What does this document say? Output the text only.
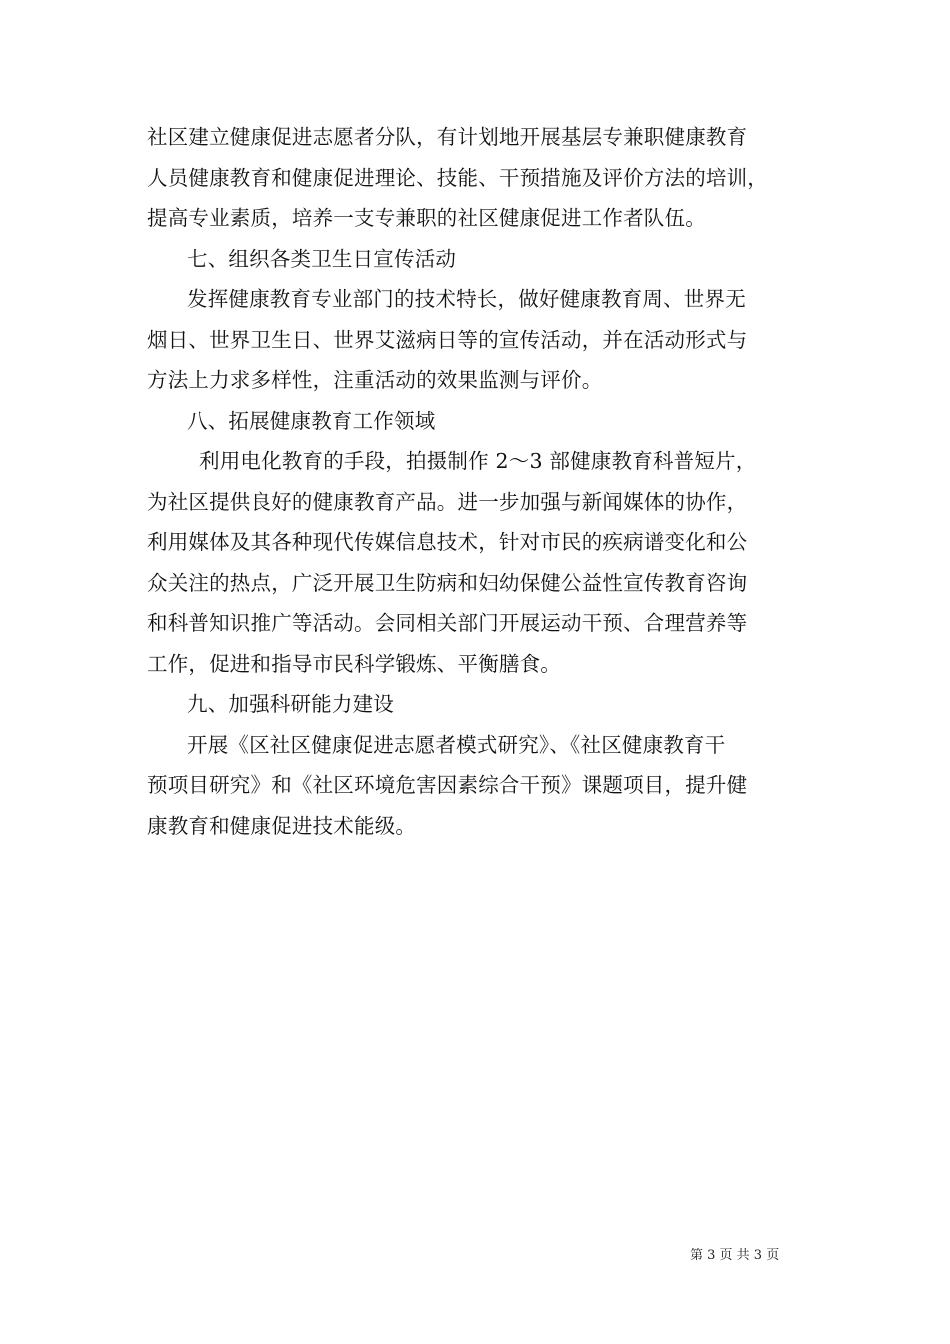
社区建立健康促进志愿者分队，有计划地开展基层专兼职健康教育
人员健康教育和健康促进理论、技能、干预措施及评价方法的培训，
提高专业素质，培养一支专兼职的社区健康促进工作者队伍。
七、组织各类卫生日宣传活动
发挥健康教育专业部门的技术特长，做好健康教育周、世界无
烟日、世界卫生日、世界艾滋病日等的宣传活动，并在活动形式与
方法上力求多样性，注重活动的效果监测与评价。
八、拓展健康教育工作领域
利用电化教育的手段，拍摄制作 2～3 部健康教育科普短片，
为社区提供良好的健康教育产品。进一步加强与新闻媒体的协作，
利用媒体及其各种现代传媒信息技术，针对市民的疾病谱变化和公
众关注的热点，广泛开展卫生防病和妇幼保健公益性宣传教育咨询
和科普知识推广等活动。会同相关部门开展运动干预、合理营养等
工作，促进和指导市民科学锻炼、平衡膳食。
九、加强科研能力建设
开展《区社区健康促进志愿者模式研究》、《社区健康教育干
预项目研究》和《社区环境危害因素综合干预》课题项目，提升健
康教育和健康促进技术能级。
第 3 页 共 3 页
